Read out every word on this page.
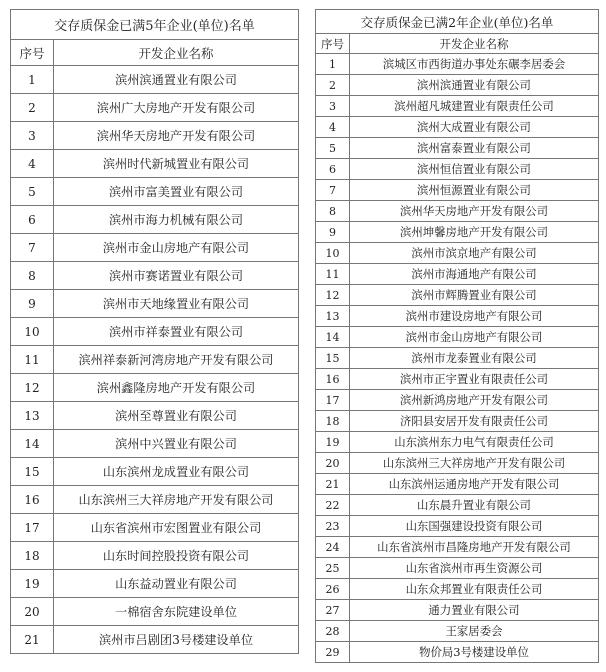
交存质保金已满5年企业(单位)名单	
序号	开发企业名称
1	滨州滨通置业有限公司
2	滨州广大房地产开发有限公司
3	滨州华天房地产开发有限公司
4	滨州时代新城置业有限公司
5	滨州市富美置业有限公司
6	滨州市海力机械有限公司
7	滨州市金山房地产有限公司
8	滨州市赛诺置业有限公司
9	滨州市天地缘置业有限公司
10	滨州市祥泰置业有限公司
11	滨州祥泰新河湾房地产开发有限公司
12	滨州鑫隆房地产开发有限公司
13	滨州至尊置业有限公司
14	滨州中兴置业有限公司
15	山东滨州龙成置业有限公司
16	山东滨州三大祥房地产开发有限公司
17	山东省滨州市宏图置业有限公司
18	山东时间控股投资有限公司
19	山东益动置业有限公司
20	一棉宿舍东院建设单位
21	滨州市吕剧团3号楼建设单位
交存质保金已满2年企业(单位)名单	
序号	开发企业名称
1	滨城区市西街道办事处东碾李居委会
2	滨州滨通置业有限公司
3	滨州超凡城建置业有限责任公司
4	滨州大成置业有限公司
5	滨州富泰置业有限公司
6	滨州恒信置业有限公司
7	滨州恒源置业有限公司
8	滨州华天房地产开发有限公司
9	滨州坤馨房地产开发有限公司
10	滨州市滨京地产有限公司
11	滨州市海通地产有限公司
12	滨州市辉腾置业有限公司
13	滨州市建设房地产有限公司
14	滨州市金山房地产有限公司
15	滨州市龙泰置业有限公司
16	滨州市正宇置业有限责任公司
17	滨州新鸿房地产开发有限公司
18	济阳县安居开发有限责任公司
19	山东滨州东力电气有限责任公司
20	山东滨州三大祥房地产开发有限公司
21	山东滨州运通房地产开发有限公司
22	山东晨升置业有限公司
23	山东国强建设投资有限公司
24	山东省滨州市昌隆房地产开发有限公司
25	山东省滨州市再生资源公司
26	山东众邦置业有限责任公司
27	通力置业有限公司
28	王家居委会
29	物价局3号楼建设单位
